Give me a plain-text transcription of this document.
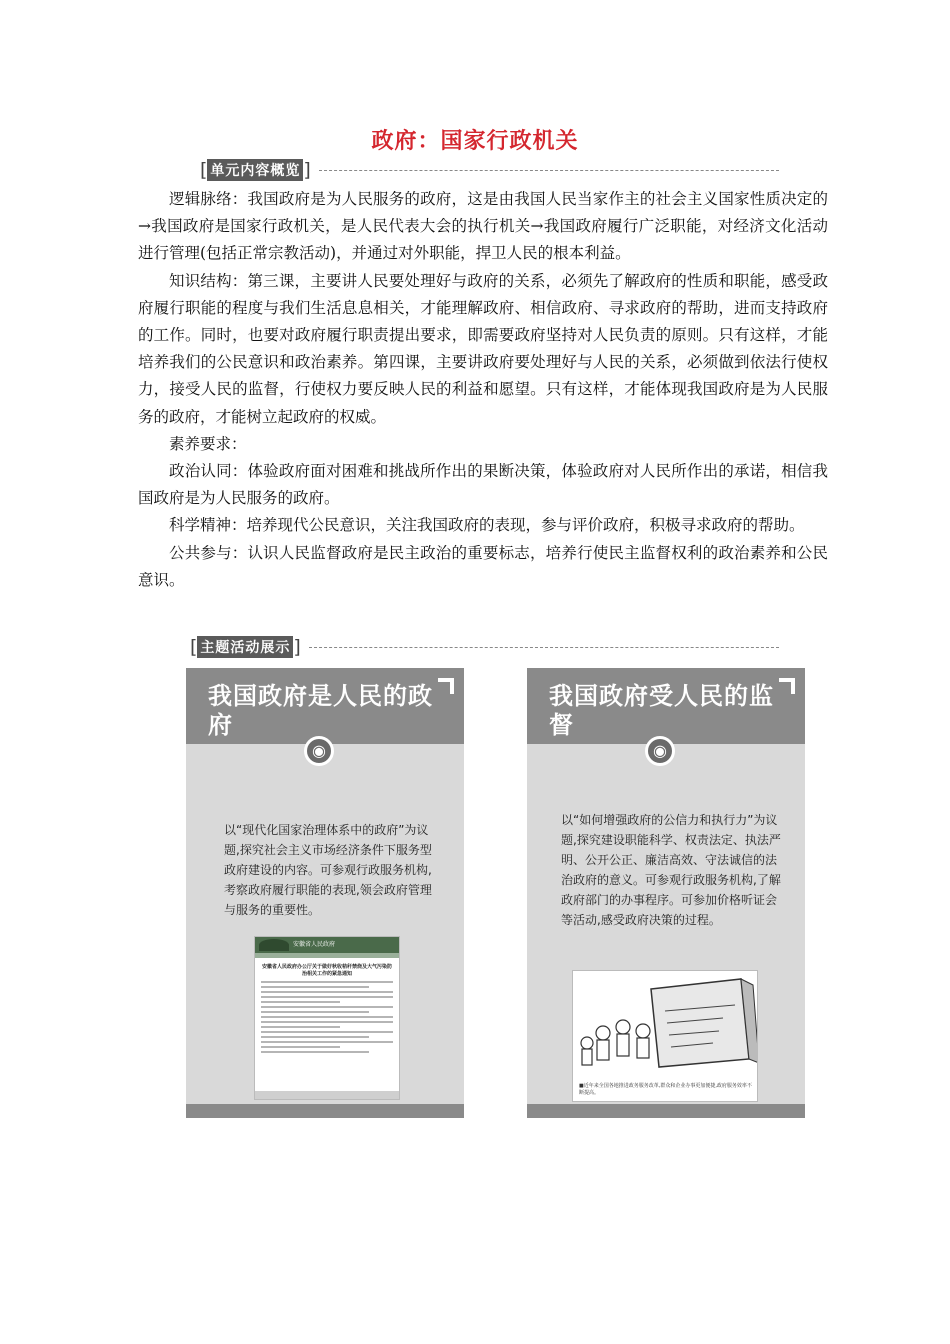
政府：国家行政机关
[ 单元内容概览 ]

逻辑脉络：我国政府是为人民服务的政府，这是由我国人民当家作主的社会主义国家性质决定的→我国政府是国家行政机关，是人民代表大会的执行机关→我国政府履行广泛职能，对经济文化活动进行管理(包括正常宗教活动)，并通过对外职能，捍卫人民的根本利益。

知识结构：第三课，主要讲人民要处理好与政府的关系，必须先了解政府的性质和职能，感受政府履行职能的程度与我们生活息息相关，才能理解政府、相信政府、寻求政府的帮助，进而支持政府的工作。同时，也要对政府履行职责提出要求，即需要政府坚持对人民负责的原则。只有这样，才能培养我们的公民意识和政治素养。第四课，主要讲政府要处理好与人民的关系，必须做到依法行使权力，接受人民的监督，行使权力要反映人民的利益和愿望。只有这样，才能体现我国政府是为人民服务的政府，才能树立起政府的权威。

素养要求：

政治认同：体验政府面对困难和挑战所作出的果断决策，体验政府对人民所作出的承诺，相信我国政府是为人民服务的政府。

科学精神：培养现代公民意识，关注我国政府的表现，参与评价政府，积极寻求政府的帮助。

公共参与：认识人民监督政府是民主政治的重要标志，培养行使民主监督权利的政治素养和公民意识。

[ 主题活动展示 ]
我国政府是人民的政府
◉
以“现代化国家治理体系中的政府”为议题,探究社会主义市场经济条件下服务型政府建设的内容。可参观行政服务机构,考察政府履行职能的表现,领会政府管理与服务的重要性。
安徽省人民政府
安徽省人民政府办公厅关于做好秋收秸秆禁烧及大气污染防治相关工作的紧急通知
我国政府受人民的监督
◉
以“如何增强政府的公信力和执行力”为议题,探究建设职能科学、权责法定、执法严明、公开公正、廉洁高效、守法诚信的法治政府的意义。可参观行政服务机构,了解政府部门的办事程序。可参加价格听证会等活动,感受政府决策的过程。
■近年来全国各地推进政务服务改革,群众和企业办事更加便捷,政府服务效率不断提高。
